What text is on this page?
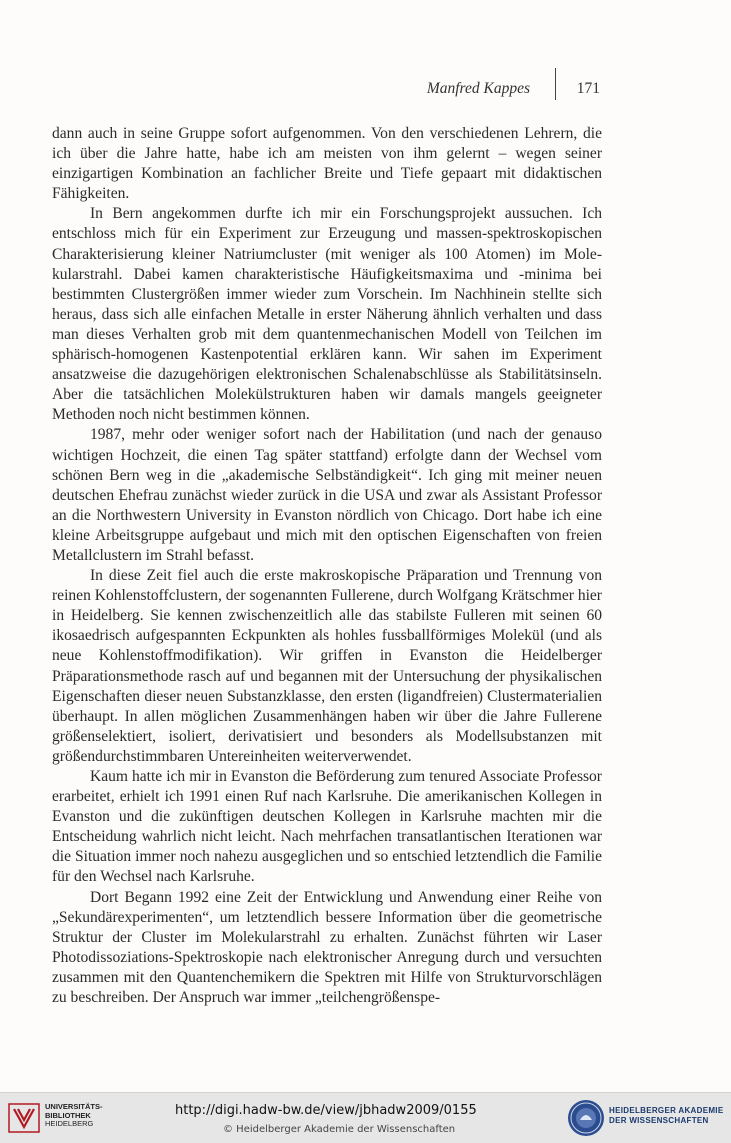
Manfred Kappes	171

dann auch in seine Gruppe sofort aufgenommen. Von den verschiedenen Lehrern, die ich über die Jahre hatte, habe ich am meisten von ihm gelernt – wegen seiner einzigartigen Kombination an fachlicher Breite und Tiefe gepaart mit didaktischen Fähigkeiten.

In Bern angekommen durfte ich mir ein Forschungsprojekt aussuchen. Ich entschloss mich für ein Experiment zur Erzeugung und massen-spektroskopischen Charakterisierung kleiner Natriumcluster (mit weniger als 100 Atomen) im Molekularstrahl. Dabei kamen charakteristische Häufigkeitsmaxima und -minima bei bestimmten Clustergrößen immer wieder zum Vorschein. Im Nachhinein stellte sich heraus, dass sich alle einfachen Metalle in erster Näherung ähnlich verhalten und dass man dieses Verhalten grob mit dem quantenmechanischen Modell von Teilchen im sphärisch-homogenen Kastenpotential erklären kann. Wir sahen im Experiment ansatzweise die dazugehörigen elektronischen Schalenabschlüsse als Stabilitätsinseln. Aber die tatsächlichen Molekülstrukturen haben wir damals mangels geeigneter Methoden noch nicht bestimmen können.

1987, mehr oder weniger sofort nach der Habilitation (und nach der genauso wichtigen Hochzeit, die einen Tag später stattfand) erfolgte dann der Wechsel vom schönen Bern weg in die „akademische Selbständigkeit“. Ich ging mit meiner neuen deutschen Ehefrau zunächst wieder zurück in die USA und zwar als Assistant Professor an die Northwestern University in Evanston nördlich von Chicago. Dort habe ich eine kleine Arbeitsgruppe aufgebaut und mich mit den optischen Eigenschaften von freien Metallclustern im Strahl befasst.

In diese Zeit fiel auch die erste makroskopische Präparation und Trennung von reinen Kohlenstoffclustern, der sogenannten Fullerene, durch Wolfgang Krätschmer hier in Heidelberg. Sie kennen zwischenzeitlich alle das stabilste Fulleren mit seinen 60 ikosaedrisch aufgespannten Eckpunkten als hohles fussballförmiges Molekül (und als neue Kohlenstoffmodifikation). Wir griffen in Evanston die Heidelberger Präparationsmethode rasch auf und begannen mit der Untersuchung der physikalischen Eigenschaften dieser neuen Substanzklasse, den ersten (ligandfreien) Clustermaterialien überhaupt. In allen möglichen Zusammenhängen haben wir über die Jahre Fullerene größenselektiert, isoliert, derivatisiert und besonders als Modellsubstanzen mit größendurchstimmbaren Untereinheiten weiterverwendet.

Kaum hatte ich mir in Evanston die Beförderung zum tenured Associate Professor erarbeitet, erhielt ich 1991 einen Ruf nach Karlsruhe. Die amerikanischen Kollegen in Evanston und die zukünftigen deutschen Kollegen in Karlsruhe machten mir die Entscheidung wahrlich nicht leicht. Nach mehrfachen transatlantischen Iterationen war die Situation immer noch nahezu ausgeglichen und so entschied letztendlich die Familie für den Wechsel nach Karlsruhe.

Dort Begann 1992 eine Zeit der Entwicklung und Anwendung einer Reihe von „Sekundärexperimenten“, um letztendlich bessere Information über die geometrische Struktur der Cluster im Molekularstrahl zu erhalten. Zunächst führten wir Laser Photodissoziations-Spektroskopie nach elektronischer Anregung durch und versuchten zusammen mit den Quantenchemikern die Spektren mit Hilfe von Strukturvorschlägen zu beschreiben. Der Anspruch war immer „teilchengrößenspe-

UNIVERSITÄTS-
BIBLIOTHEK
HEIDELBERG
http://digi.hadw-bw.de/view/jbhadw2009/0155
© Heidelberger Akademie der Wissenschaften
HEIDELBERGER AKADEMIE
DER WISSENSCHAFTEN
